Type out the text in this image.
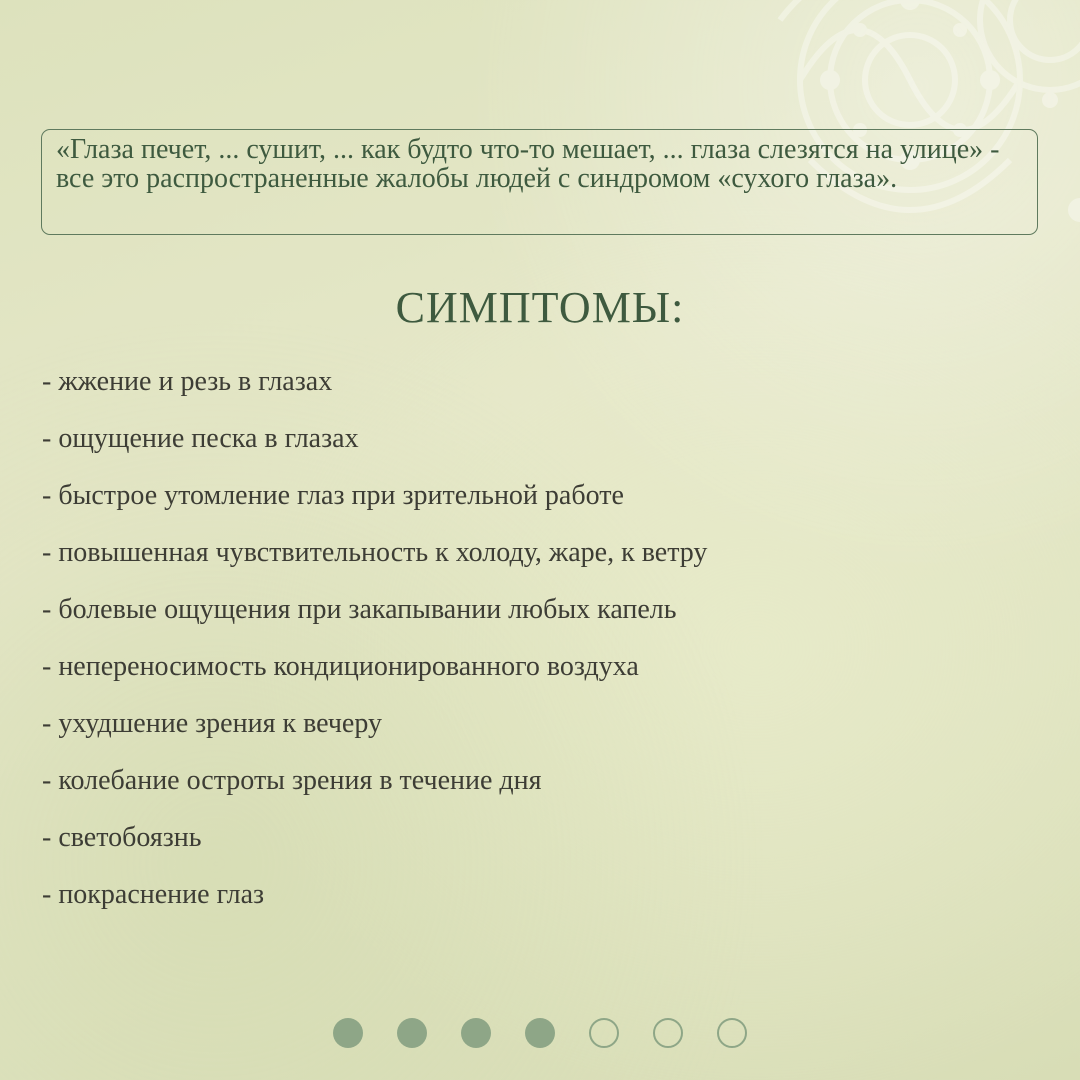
«Глаза печет, ... сушит, ... как будто что-то мешает, ... глаза слезятся на улице» - все это распространенные жалобы людей с синдромом «сухого глаза».
СИМПТОМЫ:
- жжение и резь в глазах
- ощущение песка в глазах
- быстрое утомление глаз при зрительной работе
- повышенная чувствительность к холоду, жаре, к ветру
- болевые ощущения при закапывании любых капель
- непереносимость кондиционированного воздуха
- ухудшение зрения к вечеру
- колебание остроты зрения в течение дня
- светобоязнь
- покраснение глаз
